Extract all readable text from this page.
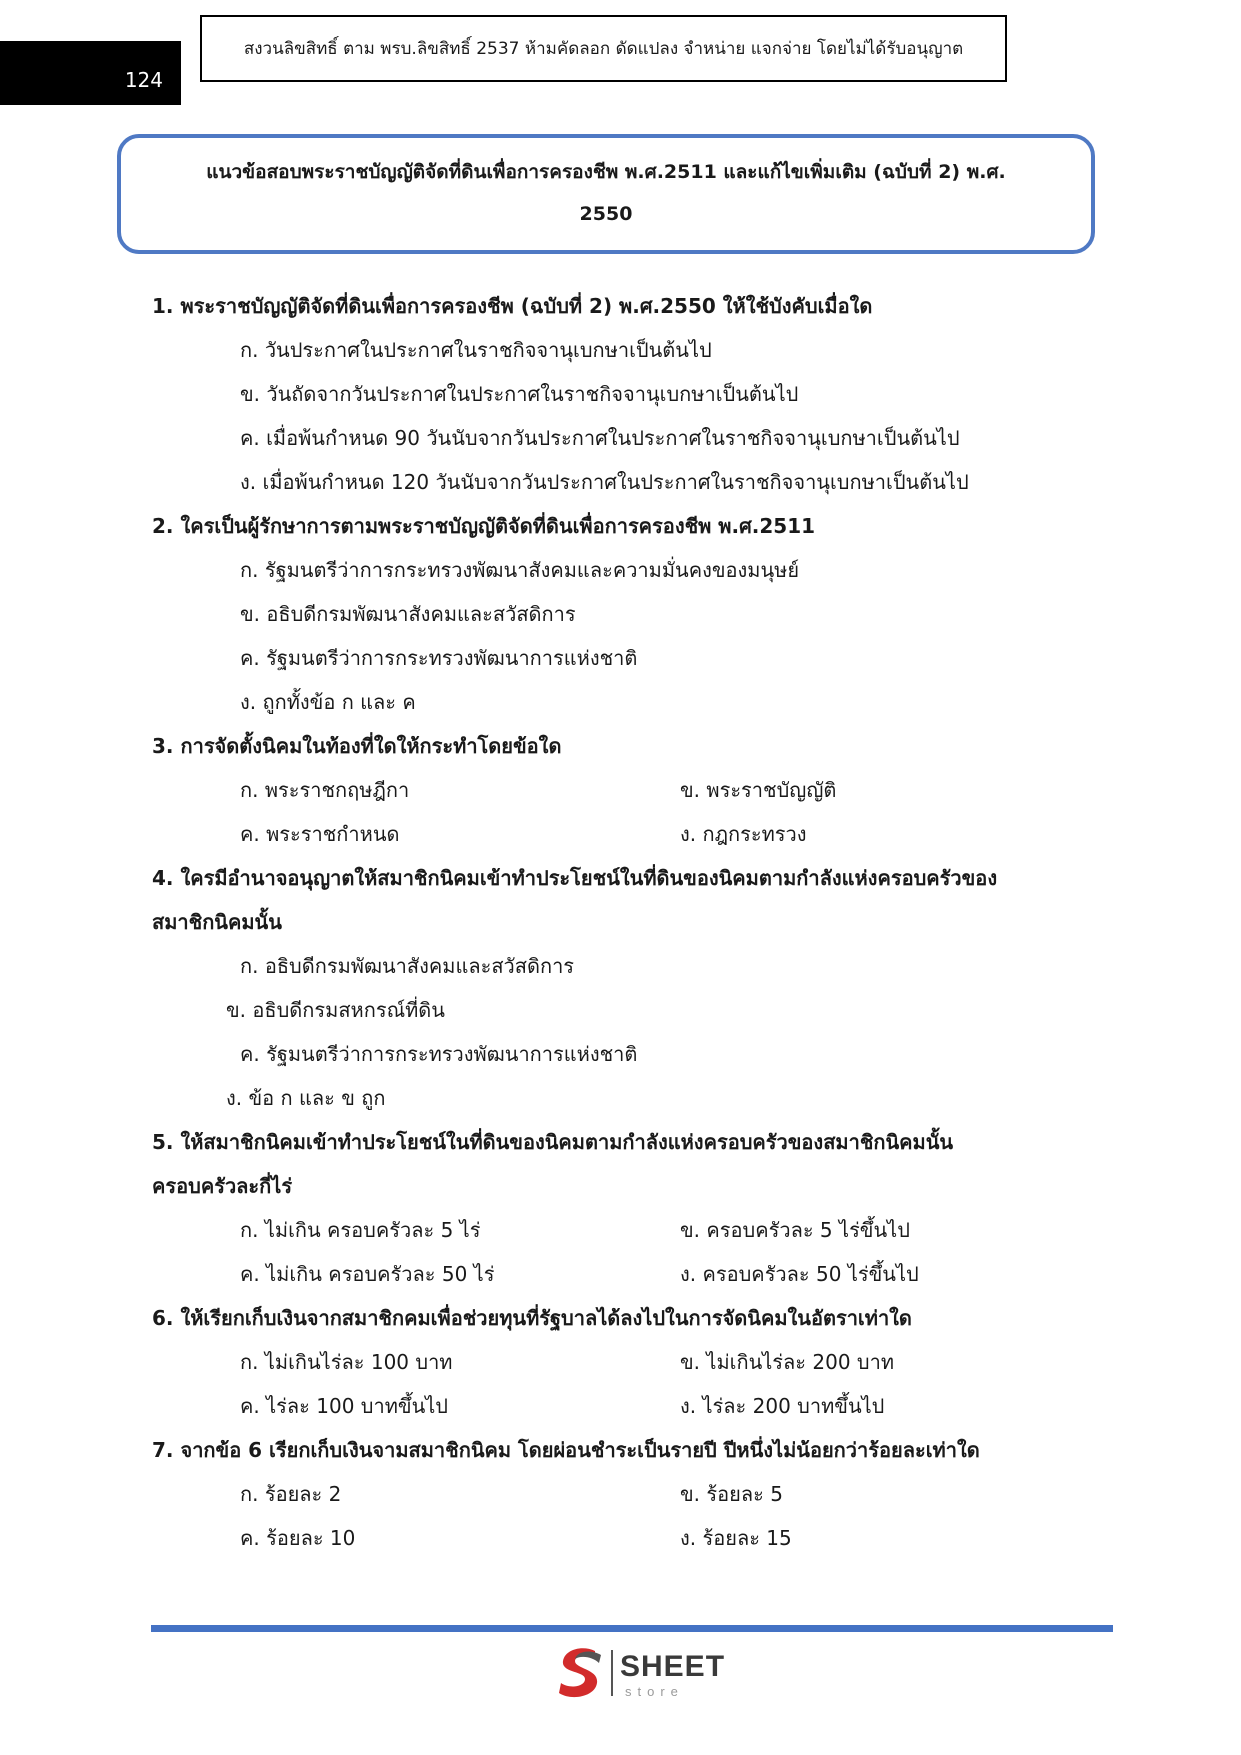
124
สงวนลิขสิทธิ์ ตาม พรบ.ลิขสิทธิ์ 2537 ห้ามคัดลอก ดัดแปลง จำหน่าย แจกจ่าย โดยไม่ได้รับอนุญาต
แนวข้อสอบพระราชบัญญัติจัดที่ดินเพื่อการครองชีพ พ.ศ.2511 และแก้ไขเพิ่มเติม (ฉบับที่ 2) พ.ศ.
2550
1. พระราชบัญญัติจัดที่ดินเพื่อการครองชีพ (ฉบับที่ 2) พ.ศ.2550 ให้ใช้บังคับเมื่อใด
ก. วันประกาศในประกาศในราชกิจจานุเบกษาเป็นต้นไป
ข. วันถัดจากวันประกาศในประกาศในราชกิจจานุเบกษาเป็นต้นไป
ค. เมื่อพ้นกำหนด 90 วันนับจากวันประกาศในประกาศในราชกิจจานุเบกษาเป็นต้นไป
ง. เมื่อพ้นกำหนด 120 วันนับจากวันประกาศในประกาศในราชกิจจานุเบกษาเป็นต้นไป
2. ใครเป็นผู้รักษาการตามพระราชบัญญัติจัดที่ดินเพื่อการครองชีพ พ.ศ.2511
ก. รัฐมนตรีว่าการกระทรวงพัฒนาสังคมและความมั่นคงของมนุษย์
ข. อธิบดีกรมพัฒนาสังคมและสวัสดิการ
ค. รัฐมนตรีว่าการกระทรวงพัฒนาการแห่งชาติ
ง. ถูกทั้งข้อ ก และ ค
3. การจัดตั้งนิคมในท้องที่ใดให้กระทำโดยข้อใด
ก. พระราชกฤษฎีกา	ข. พระราชบัญญัติ
ค. พระราชกำหนด	ง. กฎกระทรวง
4. ใครมีอำนาจอนุญาตให้สมาชิกนิคมเข้าทำประโยชน์ในที่ดินของนิคมตามกำลังแห่งครอบครัวของ
สมาชิกนิคมนั้น
ก. อธิบดีกรมพัฒนาสังคมและสวัสดิการ
ข. อธิบดีกรมสหกรณ์ที่ดิน
ค. รัฐมนตรีว่าการกระทรวงพัฒนาการแห่งชาติ
ง. ข้อ ก และ ข ถูก
5. ให้สมาชิกนิคมเข้าทำประโยชน์ในที่ดินของนิคมตามกำลังแห่งครอบครัวของสมาชิกนิคมนั้น
ครอบครัวละกี่ไร่
ก. ไม่เกิน ครอบครัวละ 5 ไร่	ข. ครอบครัวละ 5 ไร่ขึ้นไป
ค. ไม่เกิน ครอบครัวละ 50 ไร่	ง. ครอบครัวละ 50 ไร่ขึ้นไป
6. ให้เรียกเก็บเงินจากสมาชิกคมเพื่อช่วยทุนที่รัฐบาลได้ลงไปในการจัดนิคมในอัตราเท่าใด
ก. ไม่เกินไร่ละ 100 บาท	ข. ไม่เกินไร่ละ 200 บาท
ค. ไร่ละ 100 บาทขึ้นไป	ง. ไร่ละ 200 บาทขึ้นไป
7. จากข้อ 6 เรียกเก็บเงินจามสมาชิกนิคม โดยผ่อนชำระเป็นรายปี ปีหนึ่งไม่น้อยกว่าร้อยละเท่าใด
ก. ร้อยละ 2	ข. ร้อยละ 5
ค. ร้อยละ 10	ง. ร้อยละ 15
SHEET
store
